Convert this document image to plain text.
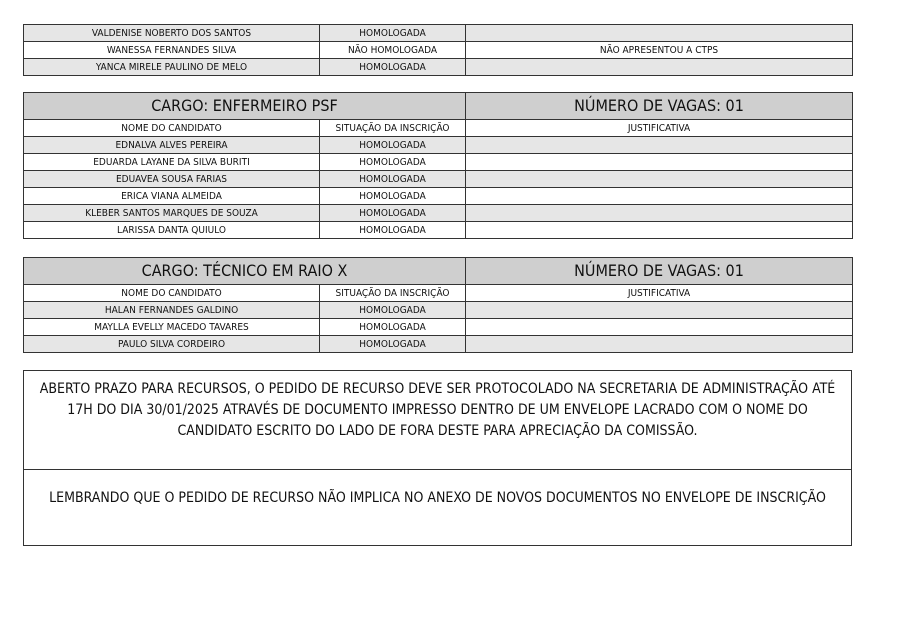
VALDENISE NOBERTO DOS SANTOS	HOMOLOGADA	
WANESSA FERNANDES SILVA	NÃO HOMOLOGADA	NÃO APRESENTOU A CTPS
YANCA MIRELE PAULINO DE MELO	HOMOLOGADA	
CARGO: ENFERMEIRO PSF		NÚMERO DE VAGAS: 01
NOME DO CANDIDATO	SITUAÇÃO DA INSCRIÇÃO	JUSTIFICATIVA
EDNALVA ALVES PEREIRA	HOMOLOGADA	
EDUARDA LAYANE DA SILVA BURITI	HOMOLOGADA	
EDUAVEA SOUSA FARIAS	HOMOLOGADA	
ERICA VIANA ALMEIDA	HOMOLOGADA	
KLEBER SANTOS MARQUES DE SOUZA	HOMOLOGADA	
LARISSA DANTA QUIULO	HOMOLOGADA	
CARGO: TÉCNICO EM RAIO X		NÚMERO DE VAGAS: 01
NOME DO CANDIDATO	SITUAÇÃO DA INSCRIÇÃO	JUSTIFICATIVA
HALAN FERNANDES GALDINO	HOMOLOGADA	
MAYLLA EVELLY MACEDO TAVARES	HOMOLOGADA	
PAULO SILVA CORDEIRO	HOMOLOGADA	
ABERTO PRAZO PARA RECURSOS, O PEDIDO DE RECURSO DEVE SER PROTOCOLADO NA SECRETARIA DE ADMINISTRAÇÃO ATÉ 17H DO DIA 30/01/2025 ATRAVÉS DE DOCUMENTO IMPRESSO DENTRO DE UM ENVELOPE LACRADO COM O NOME DO CANDIDATO ESCRITO DO LADO DE FORA DESTE PARA APRECIAÇÃO DA COMISSÃO.
LEMBRANDO QUE O PEDIDO DE RECURSO NÃO IMPLICA NO ANEXO DE NOVOS DOCUMENTOS NO ENVELOPE DE INSCRIÇÃO
